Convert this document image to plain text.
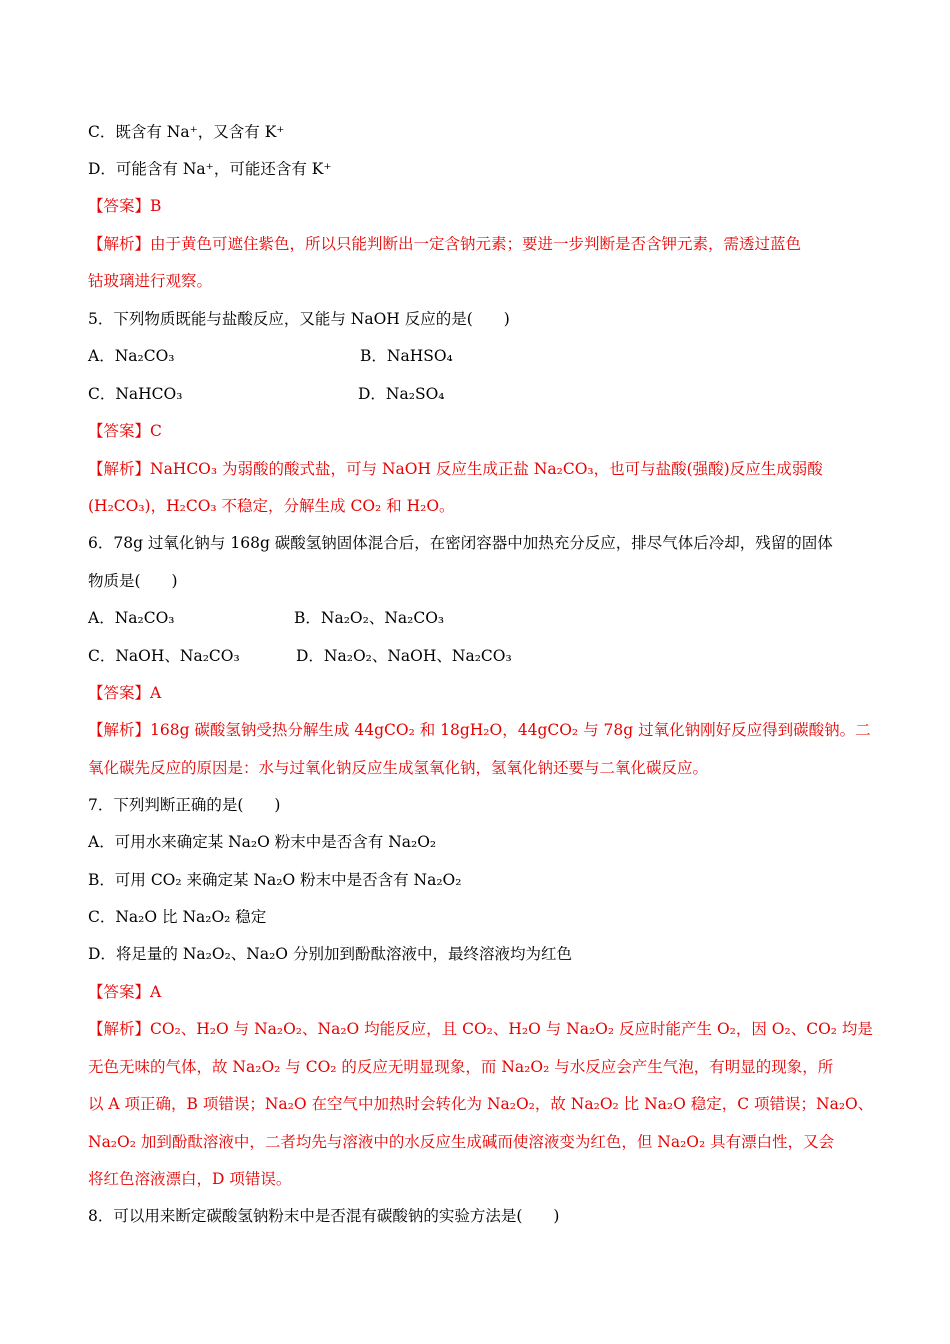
C．既含有 Na⁺，又含有 K⁺
D．可能含有 Na⁺，可能还含有 K⁺
【答案】B
【解析】由于黄色可遮住紫色，所以只能判断出一定含钠元素；要进一步判断是否含钾元素，需透过蓝色
钴玻璃进行观察。
5．下列物质既能与盐酸反应，又能与 NaOH 反应的是(　　)
A．Na₂CO₃	B．NaHSO₄
C．NaHCO₃	D．Na₂SO₄
【答案】C
【解析】NaHCO₃ 为弱酸的酸式盐，可与 NaOH 反应生成正盐 Na₂CO₃，也可与盐酸(强酸)反应生成弱酸
(H₂CO₃)，H₂CO₃ 不稳定，分解生成 CO₂ 和 H₂O。
6．78g 过氧化钠与 168g 碳酸氢钠固体混合后，在密闭容器中加热充分反应，排尽气体后冷却，残留的固体
物质是(　　)
A．Na₂CO₃	B．Na₂O₂、Na₂CO₃
C．NaOH、Na₂CO₃	D．Na₂O₂、NaOH、Na₂CO₃
【答案】A
【解析】168g 碳酸氢钠受热分解生成 44gCO₂ 和 18gH₂O，44gCO₂ 与 78g 过氧化钠刚好反应得到碳酸钠。二
氧化碳先反应的原因是：水与过氧化钠反应生成氢氧化钠，氢氧化钠还要与二氧化碳反应。
7．下列判断正确的是(　　)
A．可用水来确定某 Na₂O 粉末中是否含有 Na₂O₂
B．可用 CO₂ 来确定某 Na₂O 粉末中是否含有 Na₂O₂
C．Na₂O 比 Na₂O₂ 稳定
D．将足量的 Na₂O₂、Na₂O 分别加到酚酞溶液中，最终溶液均为红色
【答案】A
【解析】CO₂、H₂O 与 Na₂O₂、Na₂O 均能反应，且 CO₂、H₂O 与 Na₂O₂ 反应时能产生 O₂，因 O₂、CO₂ 均是
无色无味的气体，故 Na₂O₂ 与 CO₂ 的反应无明显现象，而 Na₂O₂ 与水反应会产生气泡，有明显的现象，所
以 A 项正确，B 项错误；Na₂O 在空气中加热时会转化为 Na₂O₂，故 Na₂O₂ 比 Na₂O 稳定，C 项错误；Na₂O、
Na₂O₂ 加到酚酞溶液中，二者均先与溶液中的水反应生成碱而使溶液变为红色，但 Na₂O₂ 具有漂白性，又会
将红色溶液漂白，D 项错误。
8．可以用来断定碳酸氢钠粉末中是否混有碳酸钠的实验方法是(　　)
